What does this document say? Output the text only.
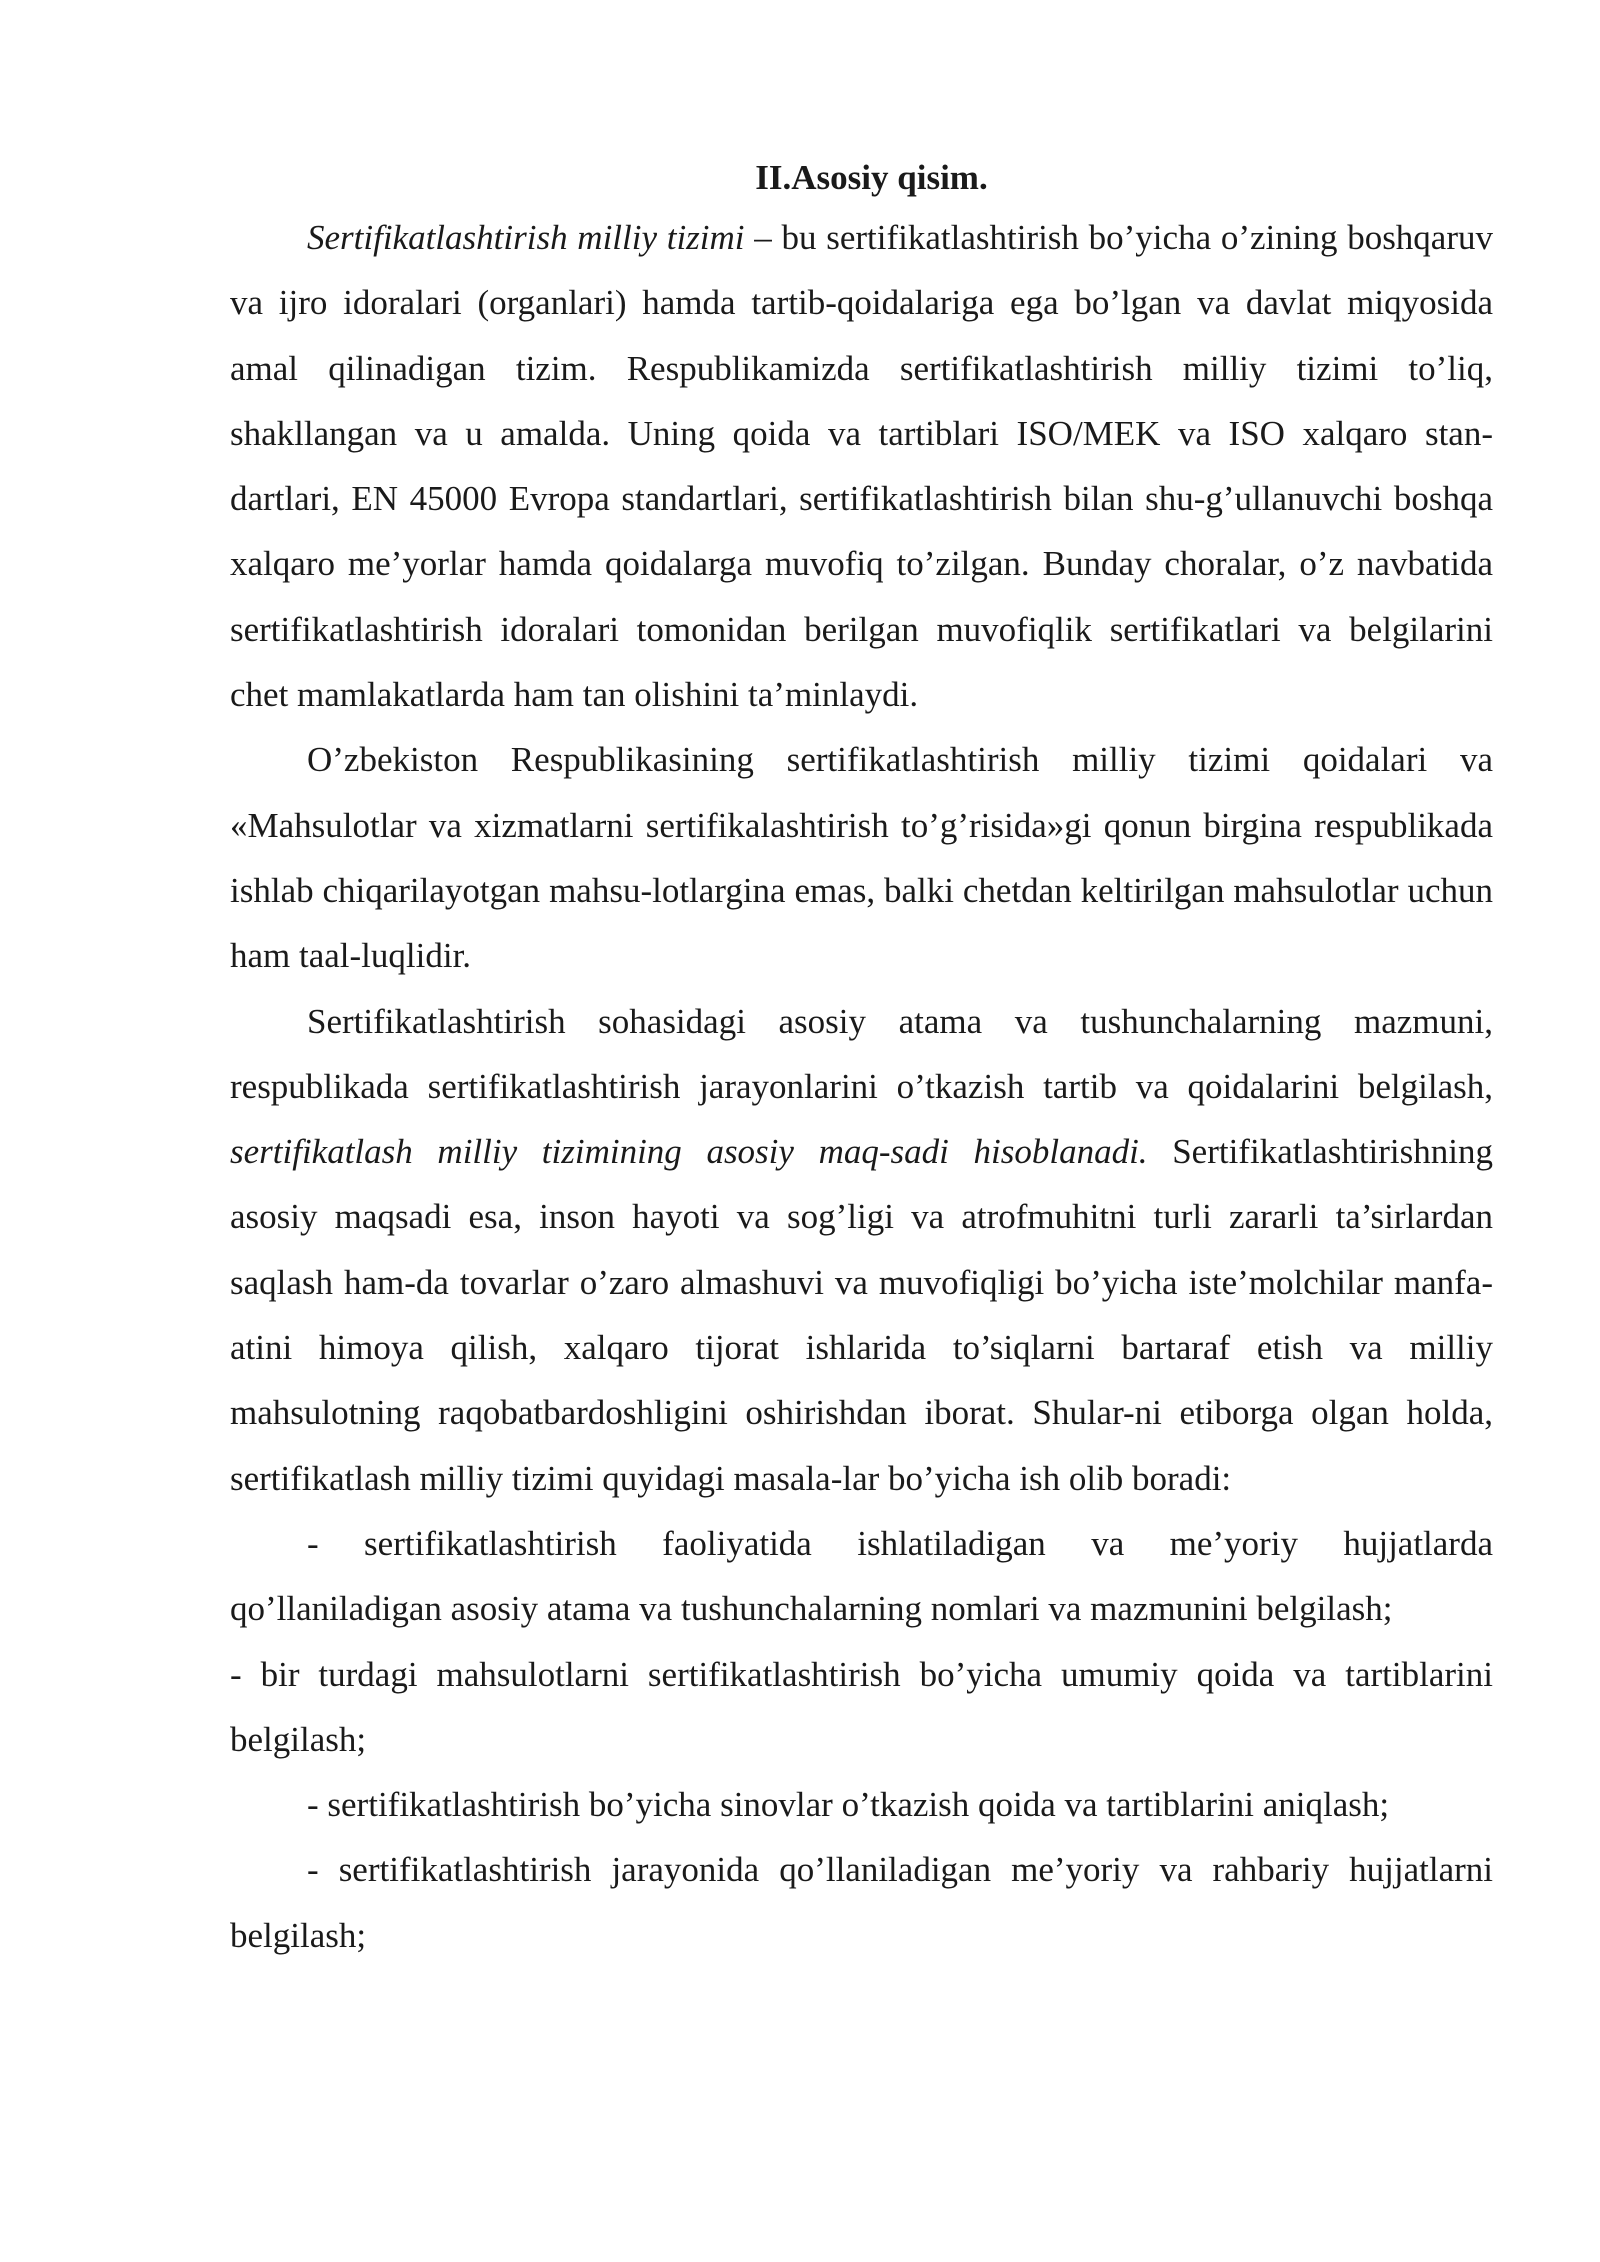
II.Asosiy qisim.

Sertifikatlashtirish milliy tizimi – bu sertifikatlashtirish bo’yicha o’zining boshqaruv va ijro idoralari (organlari) hamda tartib-qoidalariga ega bo’lgan va davlat miqyosida amal qilinadigan tizim. Respublikamizda sertifikatlashtirish milliy tizimi to’liq, shakllangan va u amalda. Uning qoida va tartiblari ISO/MEK va ISO xalqaro stan-dartlari, EN 45000 Evropa standartlari, sertifikatlashtirish bilan shu-g’ullanuvchi boshqa xalqaro me’yorlar hamda qoidalarga muvofiq to’zilgan. Bunday choralar, o’z navbatida sertifikatlashtirish idoralari tomonidan berilgan muvofiqlik sertifikatlari va belgilarini chet mamlakatlarda ham tan olishini ta’minlaydi.

O’zbekiston Respublikasining sertifikatlashtirish milliy tizimi qoidalari va «Mahsulotlar va xizmatlarni sertifikalashtirish to’g’risida»gi qonun birgina respublikada ishlab chiqarilayotgan mahsu-lotlargina emas, balki chetdan keltirilgan mahsulotlar uchun ham taal-luqlidir.

Sertifikatlashtirish sohasidagi asosiy atama va tushunchalarning mazmuni, respublikada sertifikatlashtirish jarayonlarini o’tkazish tartib va qoidalarini belgilash, sertifikatlash milliy tizimining asosiy maq-sadi hisoblanadi. Sertifikatlashtirishning asosiy maqsadi esa, inson hayoti va sog’ligi va atrofmuhitni turli zararli ta’sirlardan saqlash ham-da tovarlar o’zaro almashuvi va muvofiqligi bo’yicha iste’molchilar manfa-atini himoya qilish, xalqaro tijorat ishlarida to’siqlarni bartaraf etish va milliy mahsulotning raqobatbardoshligini oshirishdan iborat. Shular-ni etiborga olgan holda, sertifikatlash milliy tizimi quyidagi masala-lar bo’yicha ish olib boradi:

- sertifikatlashtirish faoliyatida ishlatiladigan va me’yoriy hujjatlarda qo’llaniladigan asosiy atama va tushunchalarning nomlari va mazmunini belgilash;

- bir turdagi mahsulotlarni sertifikatlashtirish bo’yicha umumiy qoida va tartiblarini belgilash;

- sertifikatlashtirish bo’yicha sinovlar o’tkazish qoida va tartiblarini aniqlash;

- sertifikatlashtirish jarayonida qo’llaniladigan me’yoriy va rahbariy hujjatlarni belgilash;
